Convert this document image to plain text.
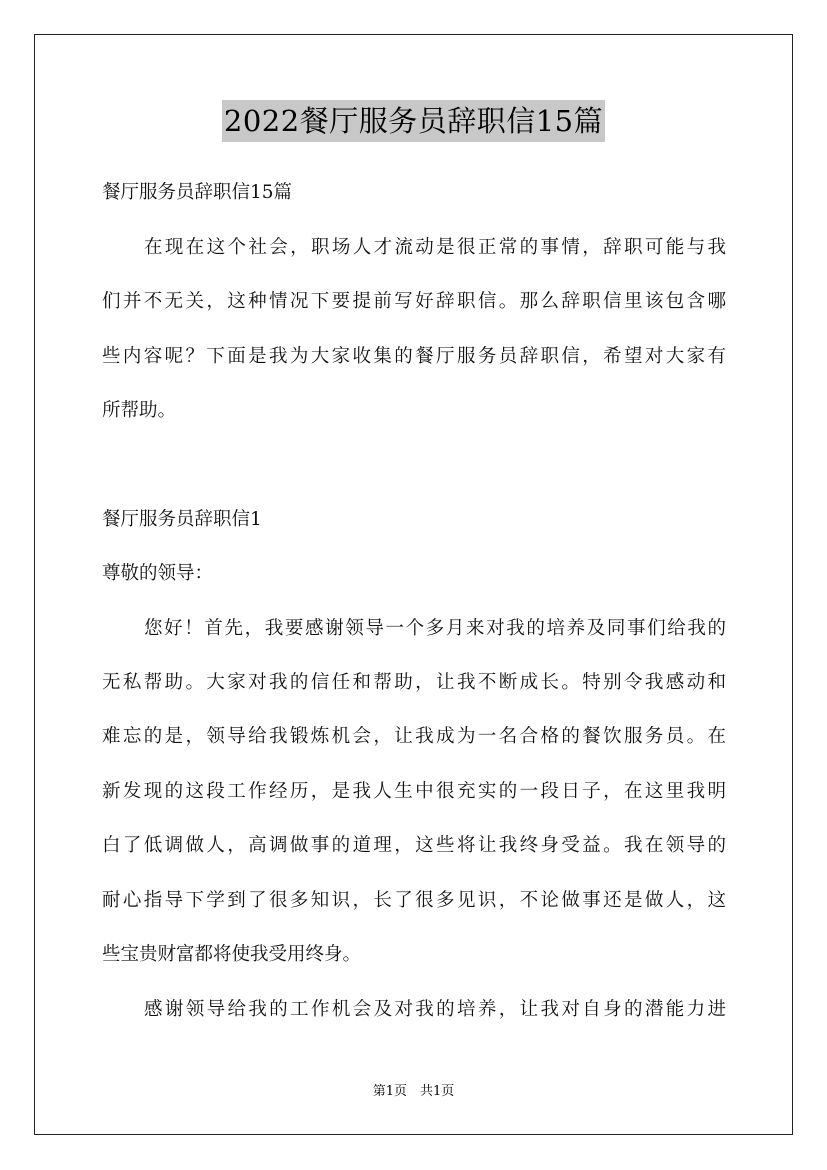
2022餐厅服务员辞职信15篇
餐厅服务员辞职信15篇
在现在这个社会，职场人才流动是很正常的事情，辞职可能与我
们并不无关，这种情况下要提前写好辞职信。那么辞职信里该包含哪
些内容呢？下面是我为大家收集的餐厅服务员辞职信，希望对大家有
所帮助。
餐厅服务员辞职信1
尊敬的领导：
您好！首先，我要感谢领导一个多月来对我的培养及同事们给我的
无私帮助。大家对我的信任和帮助，让我不断成长。特别令我感动和
难忘的是，领导给我锻炼机会，让我成为一名合格的餐饮服务员。在
新发现的这段工作经历，是我人生中很充实的一段日子，在这里我明
白了低调做人，高调做事的道理，这些将让我终身受益。我在领导的
耐心指导下学到了很多知识，长了很多见识，不论做事还是做人，这
些宝贵财富都将使我受用终身。
感谢领导给我的工作机会及对我的培养，让我对自身的潜能力进
第1页　共1页
